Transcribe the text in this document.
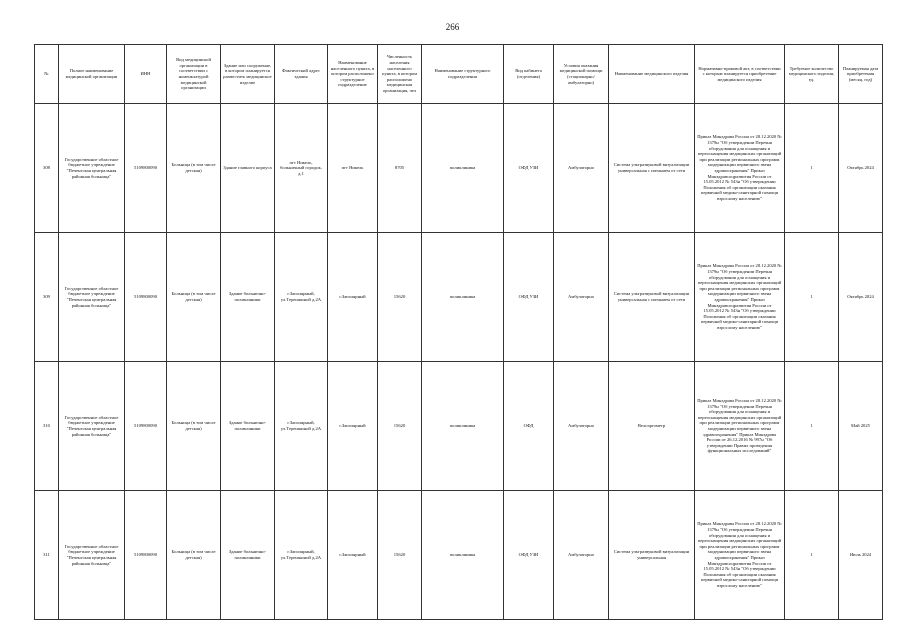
266
№	Полное наименование медицинской организации	ИНН	Вид медицинской организации в соответствии с номенклатурой медицинской организации	Здание или сооружение, в котором планируется разместить медицинское изделие	Фактический адрес здания	Наименование населенного пункта, в котором расположено структурное подразделение	Численность населения населенного пункта, в котором расположено медицинская организация, чел	Наименование структурного подразделения	Вид кабинета (отделения)	Условия оказания медицинской помощи (стационарно/амбулаторно)	Наименование медицинского изделия	Нормативно-правовой акт, в соответствии с которым планируется приобретение медицинского изделия	Требуемое количество медицинского изделия, ед.	Планируемая дата приобретения (месяц, год)
308	Государственное областное бюджетное учреждение "Печенгская центральная районная больница"	5109800090	Больница (в том числе детская)	Здание главного корпуса	пгт Никель, больничный городок, д.1	пгт Никель	8705	поликлиника	ОФД УЗИ	Амбулаторно	Система ультразвуковой визуализации универсальная с питанием от сети	Приказ Минздрава России от 28.12.2020 № 1379н "Об утверждении Перечня оборудования для оснащения и переоснащения медицинских организаций при реализации региональных программ модернизации первичного звена здравоохранения" Приказ Минздравсоцразвития России от 15.05.2012 № 543н "Об утверждении Положения об организации оказания первичной медико-санитарной помощи взрослому населению"	1	Октябрь 2024
309	Государственное областное бюджетное учреждение "Печенгская центральная районная больница"	5109800090	Больница (в том числе детская)	Здание больнично-поликлиники	г.Заполярный, ул.Терешкиной д.2А	г.Заполярный	15620	поликлиника	ОФД УЗИ	Амбулаторно	Система ультразвуковой визуализации универсальная с питанием от сети	Приказ Минздрава России от 28.12.2020 № 1379н "Об утверждении Перечня оборудования для оснащения и переоснащения медицинских организаций при реализации региональных программ модернизации первичного звена здравоохранения" Приказ Минздравсоцразвития России от 15.05.2012 № 543н "Об утверждении Положения об организации оказания первичной медико-санитарной помощи взрослому населению"	1	Октябрь 2024
310	Государственное областное бюджетное учреждение "Печенгская центральная районная больница"	5109800090	Больница (в том числе детская)	Здание больнично-поликлиники	г.Заполярный, ул.Терешкиной д.2А	г.Заполярный	15620	поликлиника	ОФД	Амбулаторно	Велоэргометр	Приказ Минздрава России от 28.12.2020 № 1379н "Об утверждении Перечня оборудования для оснащения и переоснащения медицинских организаций при реализации региональных программ модернизации первичного звена здравоохранения" Приказ Минздрава России от 26.12.2016 № 997н "Об утверждении Правил проведения функциональных исследований"	1	Май 2025
311	Государственное областное бюджетное учреждение "Печенгская центральная районная больница"	5109800090	Больница (в том числе детская)	Здание больнично-поликлиники	г.Заполярный, ул.Терешкиной д.2А	г.Заполярный	15620	поликлиника	ОФД УЗИ	Амбулаторно	Система ультразвуковой визуализации универсальная	Приказ Минздрава России от 28.12.2020 № 1379н "Об утверждении Перечня оборудования для оснащения и переоснащения медицинских организаций при реализации региональных программ модернизации первичного звена здравоохранения" Приказ Минздравсоцразвития России от 15.05.2012 № 543н "Об утверждении Положения об организации оказания первичной медико-санитарной помощи взрослому населению"	1	Июль 2024
